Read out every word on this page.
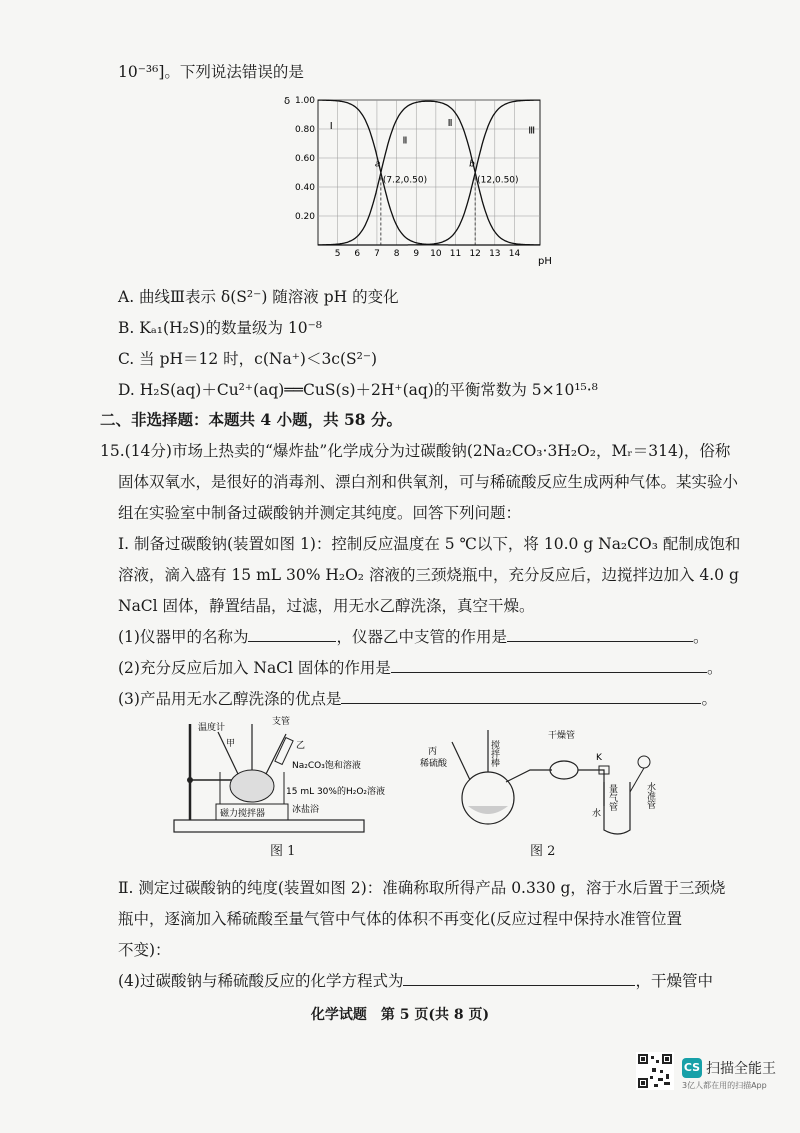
10⁻³⁶]。下列说法错误的是
0.20
0.40
0.60
0.80
1.00
5 6 7 8 9 10 11 12 13 14
Ⅰ
Ⅱ
Ⅲ
Ⅱ
a
(7.2,0.50)
b
(12,0.50)
δ
pH
A. 曲线Ⅲ表示 δ(S²⁻) 随溶液 pH 的变化
B. Kₐ₁(H₂S)的数量级为 10⁻⁸
C. 当 pH＝12 时，c(Na⁺)＜3c(S²⁻)
D. H₂S(aq)＋Cu²⁺(aq)══CuS(s)＋2H⁺(aq)的平衡常数为 5×10¹⁵·⁸
二、非选择题：本题共 4 小题，共 58 分。
15.(14分)市场上热卖的“爆炸盐”化学成分为过碳酸钠(2Na₂CO₃·3H₂O₂，Mᵣ＝314)，俗称
固体双氧水，是很好的消毒剂、漂白剂和供氧剂，可与稀硫酸反应生成两种气体。某实验小
组在实验室中制备过碳酸钠并测定其纯度。回答下列问题：
Ⅰ. 制备过碳酸钠(装置如图 1)：控制反应温度在 5 ℃以下，将 10.0 g Na₂CO₃ 配制成饱和
溶液，滴入盛有 15 mL 30% H₂O₂ 溶液的三颈烧瓶中，充分反应后，边搅拌边加入 4.0 g
NaCl 固体，静置结晶，过滤，用无水乙醇洗涤，真空干燥。
(1)仪器甲的名称为	，仪器乙中支管的作用是	。
(2)充分反应后加入 NaCl 固体的作用是	。
(3)产品用无水乙醇洗涤的优点是	。
磁力搅拌器
温度计
甲
支管
乙
Na₂CO₃饱和溶液
15 mL 30%的H₂O₂溶液
冰盐浴
图 1
丙
稀硫酸	搅拌棒
干燥管
K
量气管
水
水准管
图 2
Ⅱ. 测定过碳酸钠的纯度(装置如图 2)：准确称取所得产品 0.330 g，溶于水后置于三颈烧
瓶中，逐滴加入稀硫酸至量气管中气体的体积不再变化(反应过程中保持水准管位置
不变)：
(4)过碳酸钠与稀硫酸反应的化学方程式为	，干燥管中
化学试题　第 5 页(共 8 页)
CS 扫描全能王
3亿人都在用的扫描App
